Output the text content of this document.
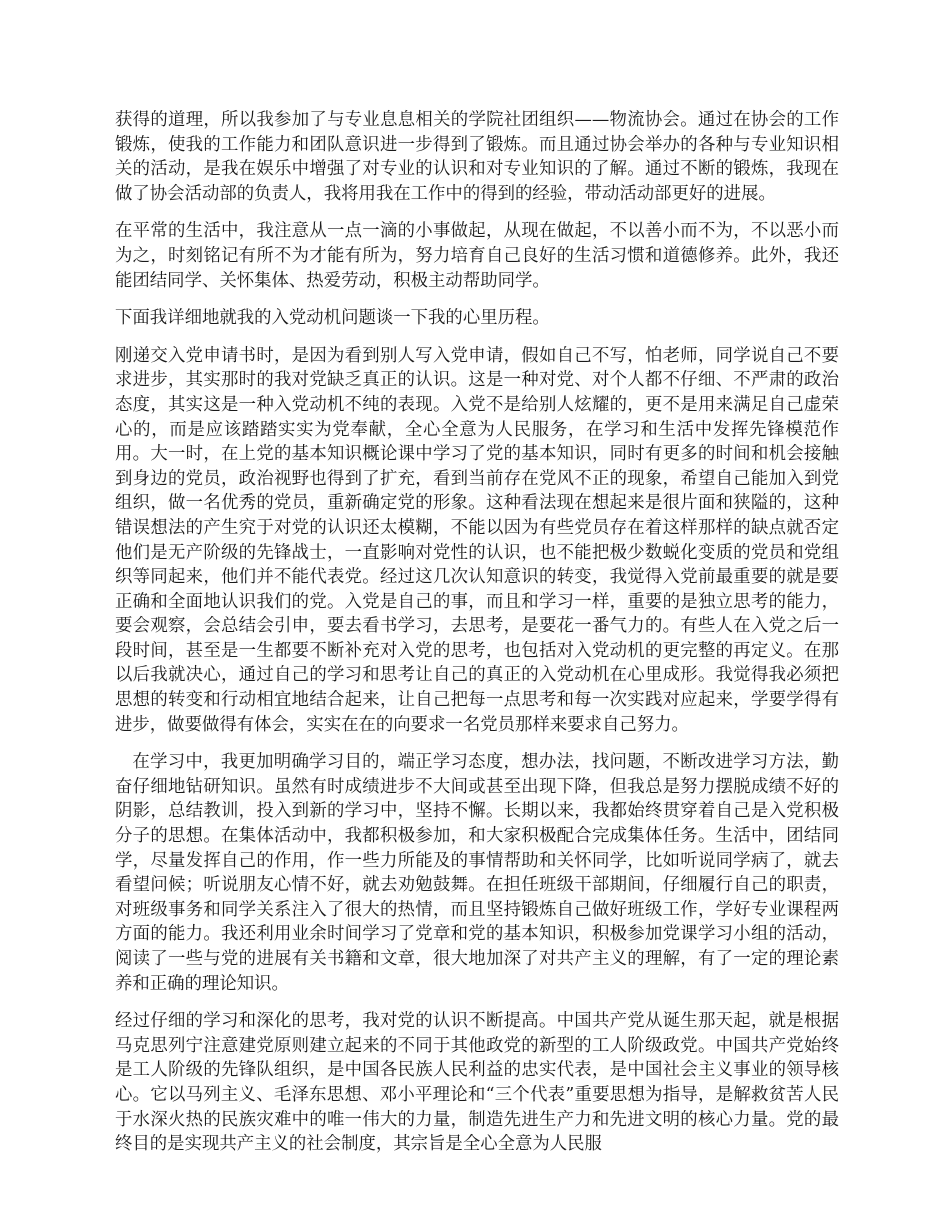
获得的道理，所以我参加了与专业息息相关的学院社团组织——物流协会。通过在协会的工作锻炼，使我的工作能力和团队意识进一步得到了锻炼。而且通过协会举办的各种与专业知识相关的活动，是我在娱乐中增强了对专业的认识和对专业知识的了解。通过不断的锻炼，我现在做了协会活动部的负责人，我将用我在工作中的得到的经验，带动活动部更好的进展。

在平常的生活中，我注意从一点一滴的小事做起，从现在做起，不以善小而不为，不以恶小而为之，时刻铭记有所不为才能有所为，努力培育自己良好的生活习惯和道德修养。此外，我还能团结同学、关怀集体、热爱劳动，积极主动帮助同学。

下面我详细地就我的入党动机问题谈一下我的心里历程。

刚递交入党申请书时，是因为看到别人写入党申请，假如自己不写，怕老师，同学说自己不要求进步，其实那时的我对党缺乏真正的认识。这是一种对党、对个人都不仔细、不严肃的政治态度，其实这是一种入党动机不纯的表现。入党不是给别人炫耀的，更不是用来满足自己虚荣心的，而是应该踏踏实实为党奉献，全心全意为人民服务，在学习和生活中发挥先锋模范作用。大一时，在上党的基本知识概论课中学习了党的基本知识，同时有更多的时间和机会接触到身边的党员，政治视野也得到了扩充，看到当前存在党风不正的现象，希望自己能加入到党组织，做一名优秀的党员，重新确定党的形象。这种看法现在想起来是很片面和狭隘的，这种错误想法的产生究于对党的认识还太模糊，不能以因为有些党员存在着这样那样的缺点就否定他们是无产阶级的先锋战士，一直影响对党性的认识，也不能把极少数蜕化变质的党员和党组织等同起来，他们并不能代表党。经过这几次认知意识的转变，我觉得入党前最重要的就是要正确和全面地认识我们的党。入党是自己的事，而且和学习一样，重要的是独立思考的能力，要会观察，会总结会引申，要去看书学习，去思考，是要花一番气力的。有些人在入党之后一段时间，甚至是一生都要不断补充对入党的思考，也包括对入党动机的更完整的再定义。在那以后我就决心，通过自己的学习和思考让自己的真正的入党动机在心里成形。我觉得我必须把思想的转变和行动相宜地结合起来，让自己把每一点思考和每一次实践对应起来，学要学得有进步，做要做得有体会，实实在在的向要求一名党员那样来要求自己努力。

在学习中，我更加明确学习目的，端正学习态度，想办法，找问题，不断改进学习方法，勤奋仔细地钻研知识。虽然有时成绩进步不大间或甚至出现下降，但我总是努力摆脱成绩不好的阴影，总结教训，投入到新的学习中，坚持不懈。长期以来，我都始终贯穿着自己是入党积极分子的思想。在集体活动中，我都积极参加，和大家积极配合完成集体任务。生活中，团结同学，尽量发挥自己的作用，作一些力所能及的事情帮助和关怀同学，比如听说同学病了，就去看望问候；听说朋友心情不好，就去劝勉鼓舞。在担任班级干部期间，仔细履行自己的职责，对班级事务和同学关系注入了很大的热情，而且坚持锻炼自己做好班级工作，学好专业课程两方面的能力。我还利用业余时间学习了党章和党的基本知识，积极参加党课学习小组的活动，阅读了一些与党的进展有关书籍和文章，很大地加深了对共产主义的理解，有了一定的理论素养和正确的理论知识。

经过仔细的学习和深化的思考，我对党的认识不断提高。中国共产党从诞生那天起，就是根据马克思列宁注意建党原则建立起来的不同于其他政党的新型的工人阶级政党。中国共产党始终是工人阶级的先锋队组织，是中国各民族人民利益的忠实代表，是中国社会主义事业的领导核心。它以马列主义、毛泽东思想、邓小平理论和“三个代表”重要思想为指导，是解救贫苦人民于水深火热的民族灾难中的唯一伟大的力量，制造先进生产力和先进文明的核心力量。党的最终目的是实现共产主义的社会制度，其宗旨是全心全意为人民服
